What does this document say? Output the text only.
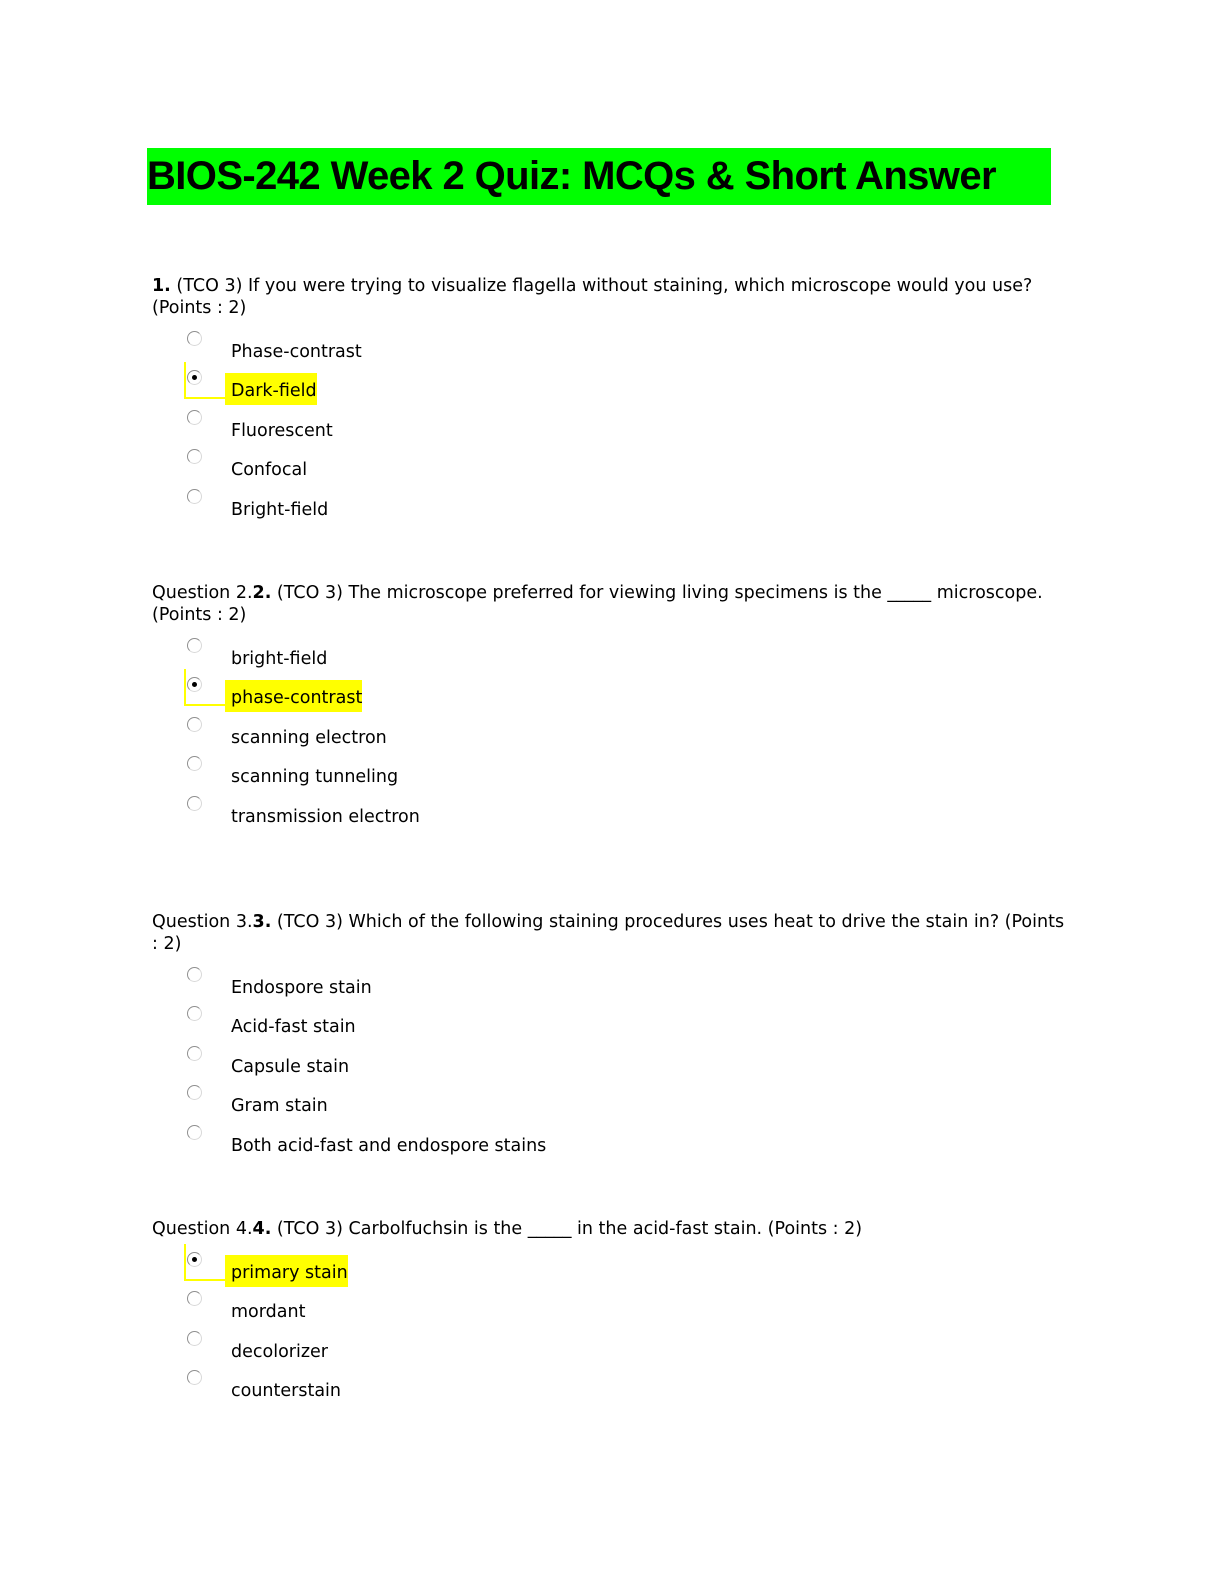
BIOS-242 Week 2 Quiz: MCQs & Short Answer
1. (TCO 3) If you were trying to visualize flagella without staining, which microscope would you use? (Points : 2)
Phase-contrast
Dark-field
Fluorescent
Confocal
Bright-field
Question 2.2. (TCO 3) The microscope preferred for viewing living specimens is the _____ microscope. (Points : 2)
bright-field
phase-contrast
scanning electron
scanning tunneling
transmission electron
Question 3.3. (TCO 3) Which of the following staining procedures uses heat to drive the stain in? (Points : 2)
Endospore stain
Acid-fast stain
Capsule stain
Gram stain
Both acid-fast and endospore stains
Question 4.4. (TCO 3) Carbolfuchsin is the _____ in the acid-fast stain. (Points : 2)
primary stain
mordant
decolorizer
counterstain
